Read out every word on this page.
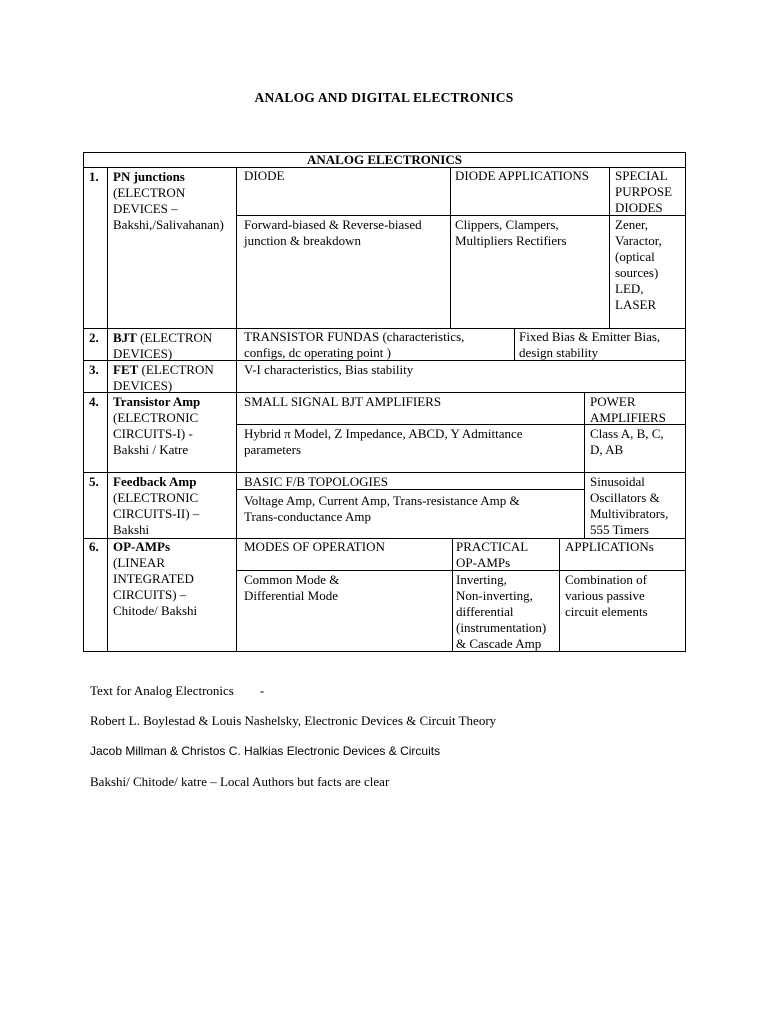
ANALOG AND DIGITAL ELECTRONICS
ANALOG ELECTRONICS
1. PN junctions
(ELECTRON
DEVICES –
Bakshi,/Salivahanan)
DIODE
Forward-biased & Reverse-biased
junction & breakdown
DIODE APPLICATIONS
Clippers, Clampers,
Multipliers Rectifiers
SPECIAL
PURPOSE
DIODES
Zener,
Varactor,
(optical
sources)
LED,
LASER
2. BJT (ELECTRON
DEVICES)
TRANSISTOR FUNDAS (characteristics,
configs, dc operating point )
Fixed Bias & Emitter Bias,
design stability
3. FET (ELECTRON
DEVICES)
V-I characteristics, Bias stability
4. Transistor Amp
(ELECTRONIC
CIRCUITS-I) -
Bakshi / Katre
SMALL SIGNAL BJT AMPLIFIERS
Hybrid π Model, Z Impedance, ABCD, Y Admittance
parameters
POWER
AMPLIFIERS
Class A, B, C,
D, AB
5. Feedback Amp
(ELECTRONIC
CIRCUITS-II) –
Bakshi
BASIC F/B TOPOLOGIES
Voltage Amp, Current Amp, Trans-resistance Amp &
Trans-conductance Amp
Sinusoidal
Oscillators &
Multivibrators,
555 Timers
6. OP-AMPs
(LINEAR
INTEGRATED
CIRCUITS) –
Chitode/ Bakshi
MODES OF OPERATION
Common Mode &
Differential Mode
PRACTICAL
OP-AMPs
Inverting,
Non-inverting,
differential
(instrumentation)
& Cascade Amp
APPLICATIONs
Combination of
various passive
circuit elements
Text for Analog Electronics        -
Robert L. Boylestad & Louis Nashelsky, Electronic Devices & Circuit Theory
Jacob Millman & Christos C. Halkias Electronic Devices & Circuits
Bakshi/ Chitode/ katre – Local Authors but facts are clear
